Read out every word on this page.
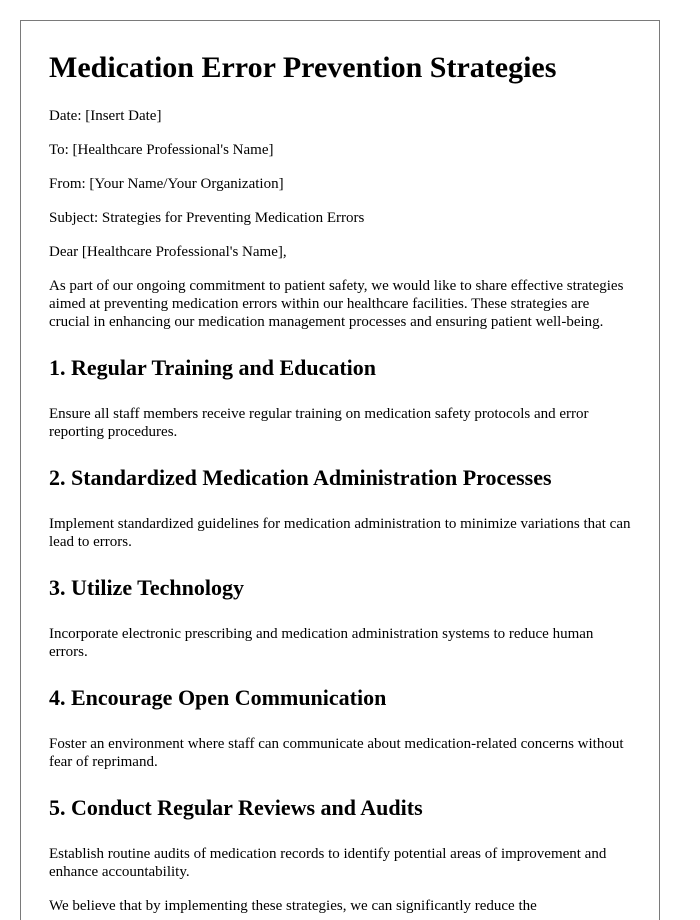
Medication Error Prevention Strategies

Date: [Insert Date]

To: [Healthcare Professional's Name]

From: [Your Name/Your Organization]

Subject: Strategies for Preventing Medication Errors

Dear [Healthcare Professional's Name],

As part of our ongoing commitment to patient safety, we would like to share effective strategies aimed at preventing medication errors within our healthcare facilities. These strategies are crucial in enhancing our medication management processes and ensuring patient well-being.

1. Regular Training and Education

Ensure all staff members receive regular training on medication safety protocols and error reporting procedures.

2. Standardized Medication Administration Processes

Implement standardized guidelines for medication administration to minimize variations that can lead to errors.

3. Utilize Technology

Incorporate electronic prescribing and medication administration systems to reduce human errors.

4. Encourage Open Communication

Foster an environment where staff can communicate about medication-related concerns without fear of reprimand.

5. Conduct Regular Reviews and Audits

Establish routine audits of medication records to identify potential areas of improvement and enhance accountability.

We believe that by implementing these strategies, we can significantly reduce the
